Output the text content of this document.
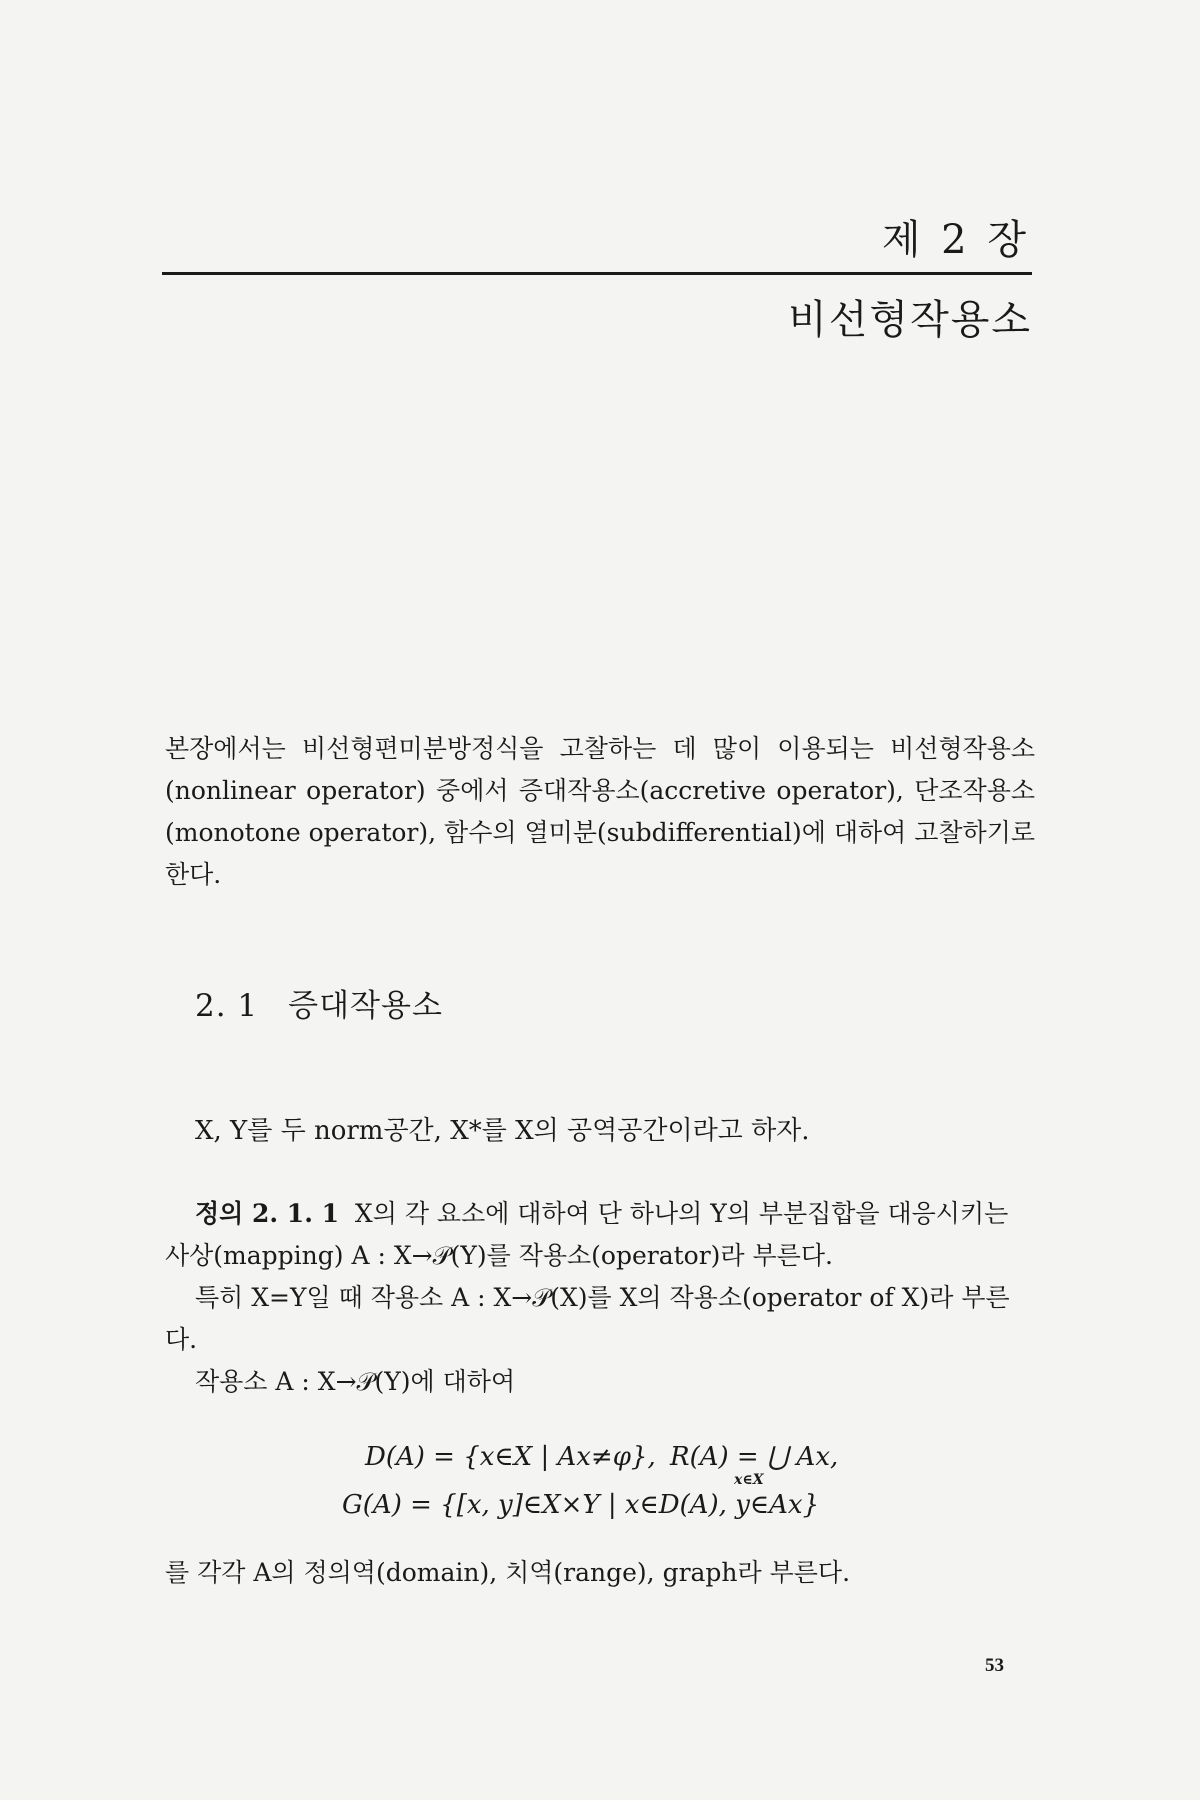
제 2 장
비선형작용소

본장에서는 비선형편미분방정식을 고찰하는 데 많이 이용되는 비선형작용소(nonlinear operator) 중에서 증대작용소(accretive operator), 단조작용소(monotone operator), 함수의 열미분(subdifferential)에 대하여 고찰하기로 한다.

2. 1 증대작용소
X, Y를 두 norm공간, X*를 X의 공역공간이라고 하자.

정의 2. 1. 1 X의 각 요소에 대하여 단 하나의 Y의 부분집합을 대응시키는 사상(mapping) A : X→𝒫(Y)를 작용소(operator)라 부른다.

특히 X=Y일 때 작용소 A : X→𝒫(X)를 X의 작용소(operator of X)라 부른다.

작용소 A : X→𝒫(Y)에 대하여

D(A) = {x∈X | Ax≠φ}, R(A) = ⋃ Ax,
x∈X
G(A) = {[x, y]∈X×Y | x∈D(A), y∈Ax}
를 각각 A의 정의역(domain), 치역(range), graph라 부른다.
53
